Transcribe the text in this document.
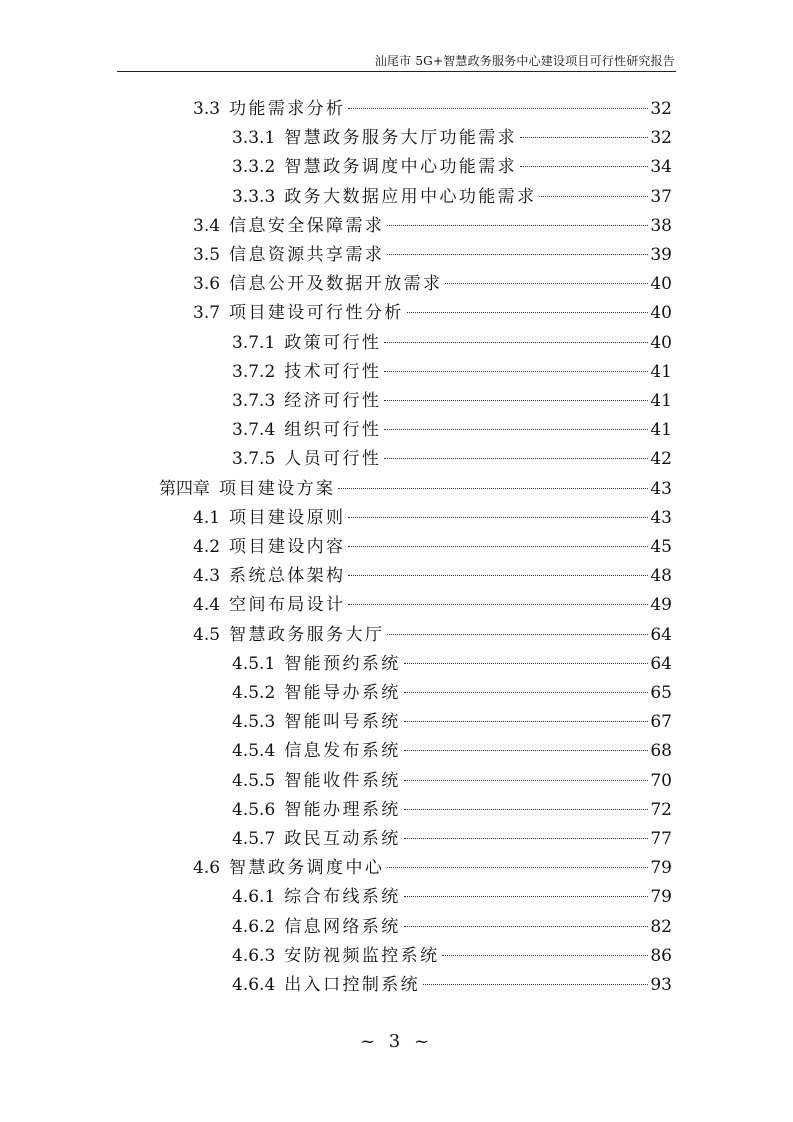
汕尾市 5G+智慧政务服务中心建设项目可行性研究报告
3.3 功能需求分析	32
3.3.1 智慧政务服务大厅功能需求	32
3.3.2 智慧政务调度中心功能需求	34
3.3.3 政务大数据应用中心功能需求	37
3.4 信息安全保障需求	38
3.5 信息资源共享需求	39
3.6 信息公开及数据开放需求	40
3.7 项目建设可行性分析	40
3.7.1 政策可行性	40
3.7.2 技术可行性	41
3.7.3 经济可行性	41
3.7.4 组织可行性	41
3.7.5 人员可行性	42
第四章 项目建设方案	43
4.1 项目建设原则	43
4.2 项目建设内容	45
4.3 系统总体架构	48
4.4 空间布局设计	49
4.5 智慧政务服务大厅	64
4.5.1 智能预约系统	64
4.5.2 智能导办系统	65
4.5.3 智能叫号系统	67
4.5.4 信息发布系统	68
4.5.5 智能收件系统	70
4.5.6 智能办理系统	72
4.5.7 政民互动系统	77
4.6 智慧政务调度中心	79
4.6.1 综合布线系统	79
4.6.2 信息网络系统	82
4.6.3 安防视频监控系统	86
4.6.4 出入口控制系统	93
~ 3 ~
